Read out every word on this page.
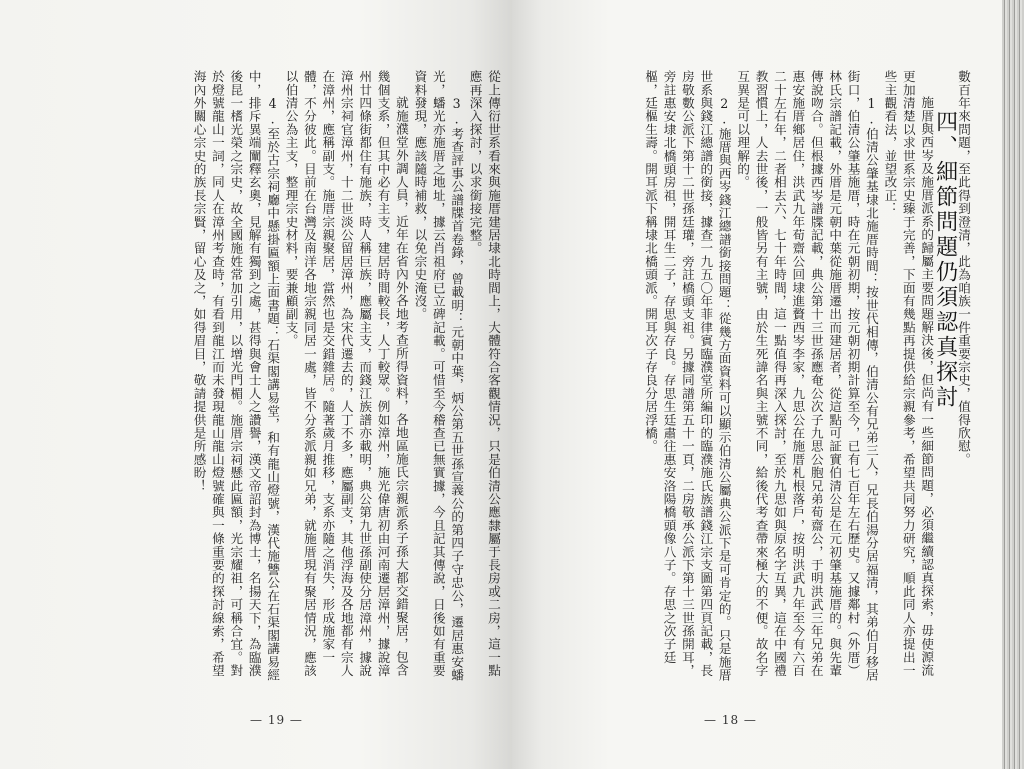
從上傳衍世系看來與施厝建居埭北時間上，大體符合客觀情況，只是伯清公應隸屬于長房或二房，這一點應再深入探討，以求銜接完整。

3.考查評事公譜牒首卷錄，曾載明：元朝中葉，炳公第五世孫宣義公的第四子守忠公，遷居惠安蟠光，蟠光亦施厝之地址，據云肖祖府已立碑記載。可惜至今稽查已無實據，今且記其傳說，日後如有重要資料發現，應該隨時補救，以免宗史淹沒。

就施濮堂外調人員，近年在省內外各地考查所得資料，各地區施氏宗親派系子孫大都交錯聚居，包含幾個支系，但其中必有主支，建居時間較長，人丁較眾。例如漳州，施光偉唐初由河南遷居漳州，據說漳州廿四條街都住有施族，時人稱巨族，應屬主支，而錢江族譜亦載明，典公第九世孫副使分居漳州，據說漳州宗祠官漳州，十二世淡公留居漳州，為宋代遷去的，人丁不多，應屬副支，其他浮海及各地都有宗人在漳州，應稱副支。施厝宗親聚居，當然也是交錯雜居。隨著歲月推移，支系亦隨之消失，形成施家一體，不分彼此。目前在台灣及南洋各地宗親同居一處，皆不分系派親如兄弟，就施厝現有聚居情況，應該以伯清公為主支，整理宗史材料，要兼顧副支。

4.至於古宗祠廳中懸掛匾額上面書題：石渠閣講易堂，和有龍山燈號，漢代施讐公在石渠閣講易經中，排斥異端闡釋玄奧，見解有獨到之處，甚得與會士人之讚譽，漢文帝詔封為博士，名揚天下，為臨濮後昆一榰光榮之宗史，故全國施姓常加引用，以增光門楣。施厝宗祠懸此匾額，光宗耀祖，可稱合宜。對於燈號龍山一詞，同人在漳州考查時，有看到龍江而未發現龍山龍山燈號確與一條重要的探討線索，希望海內外關心宗史的族長宗賢，留心及之，如得眉目，敬請提供是所感盼！

— 19 —

數百年來問題，至此得到澄清，此為咱族一件重要宗史，值得欣慰。

四、細節問題仍須認真探討

施厝與西岑及施厝派系的歸屬主要問題解決後，但尚有一些細節問題，必須繼續認真探索，毋使源流更加清楚以求世系宗史臻于完善，下面有幾點再提供給宗親參考，希望共同努力研究，順此同人亦提出一些主觀看法，並望改正：

1.伯清公肇基埭北施厝時間：按世代相傳，伯清公有兄弟三人，兄長伯湯分居福清，其弟伯月移居街口，伯清公肇基施厝，時在元朝初期，按元朝初期計算至今，已有七百年左右歷史。又據鄰村（外厝）林氏宗譜記載，外厝是元朝中葉從施厝遷出而建居者，從這點可証實伯清公是在元初肇基施厝的。與先輩傳說吻合。但根據西岑譜牒記載，典公第十三世孫應奄公次子九思公胞兄弟荀齋公，于明洪武三年兄弟在惠安施厝鄉居住，洪武九年荀齋公回埭進贅西岑李家，九思公在施厝札根落戶，按明洪武九年至今有六百二十左右年，二者相去六、七十年時間，這一點值得再深入探討，至於九思如與原名字互異，這在中國禮教習慣上，人去世後，一般皆另有主號，由於生死諱名與主號不同，給後代考查帶來極大的不便。故名字互異是可以理解的。

2.施厝與西岑錢江總譜銜接問題：從幾方面資料可以顯示伯清公屬典公派下是可肯定的。只是施厝世系與錢江總譜的銜接，據查一九五〇年菲律賓臨濮堂所編印的臨濮施氏族譜錢江宗支圖第四頁記載，長房敬數公派下第十二世孫廷瓘，旁註橋頭支祖。另據同譜第五十一頁，二房敬承公派下第十三世孫開耳，旁註惠安埭北橋頭房祖，開耳生二子，存思與存良。存思生廷肅往惠安洛陽橋頭像八子。存思之次子廷樞，廷樞生壽。開耳派下稱埭北橋頭派。開耳次子存良分居浮橋。

— 18 —
